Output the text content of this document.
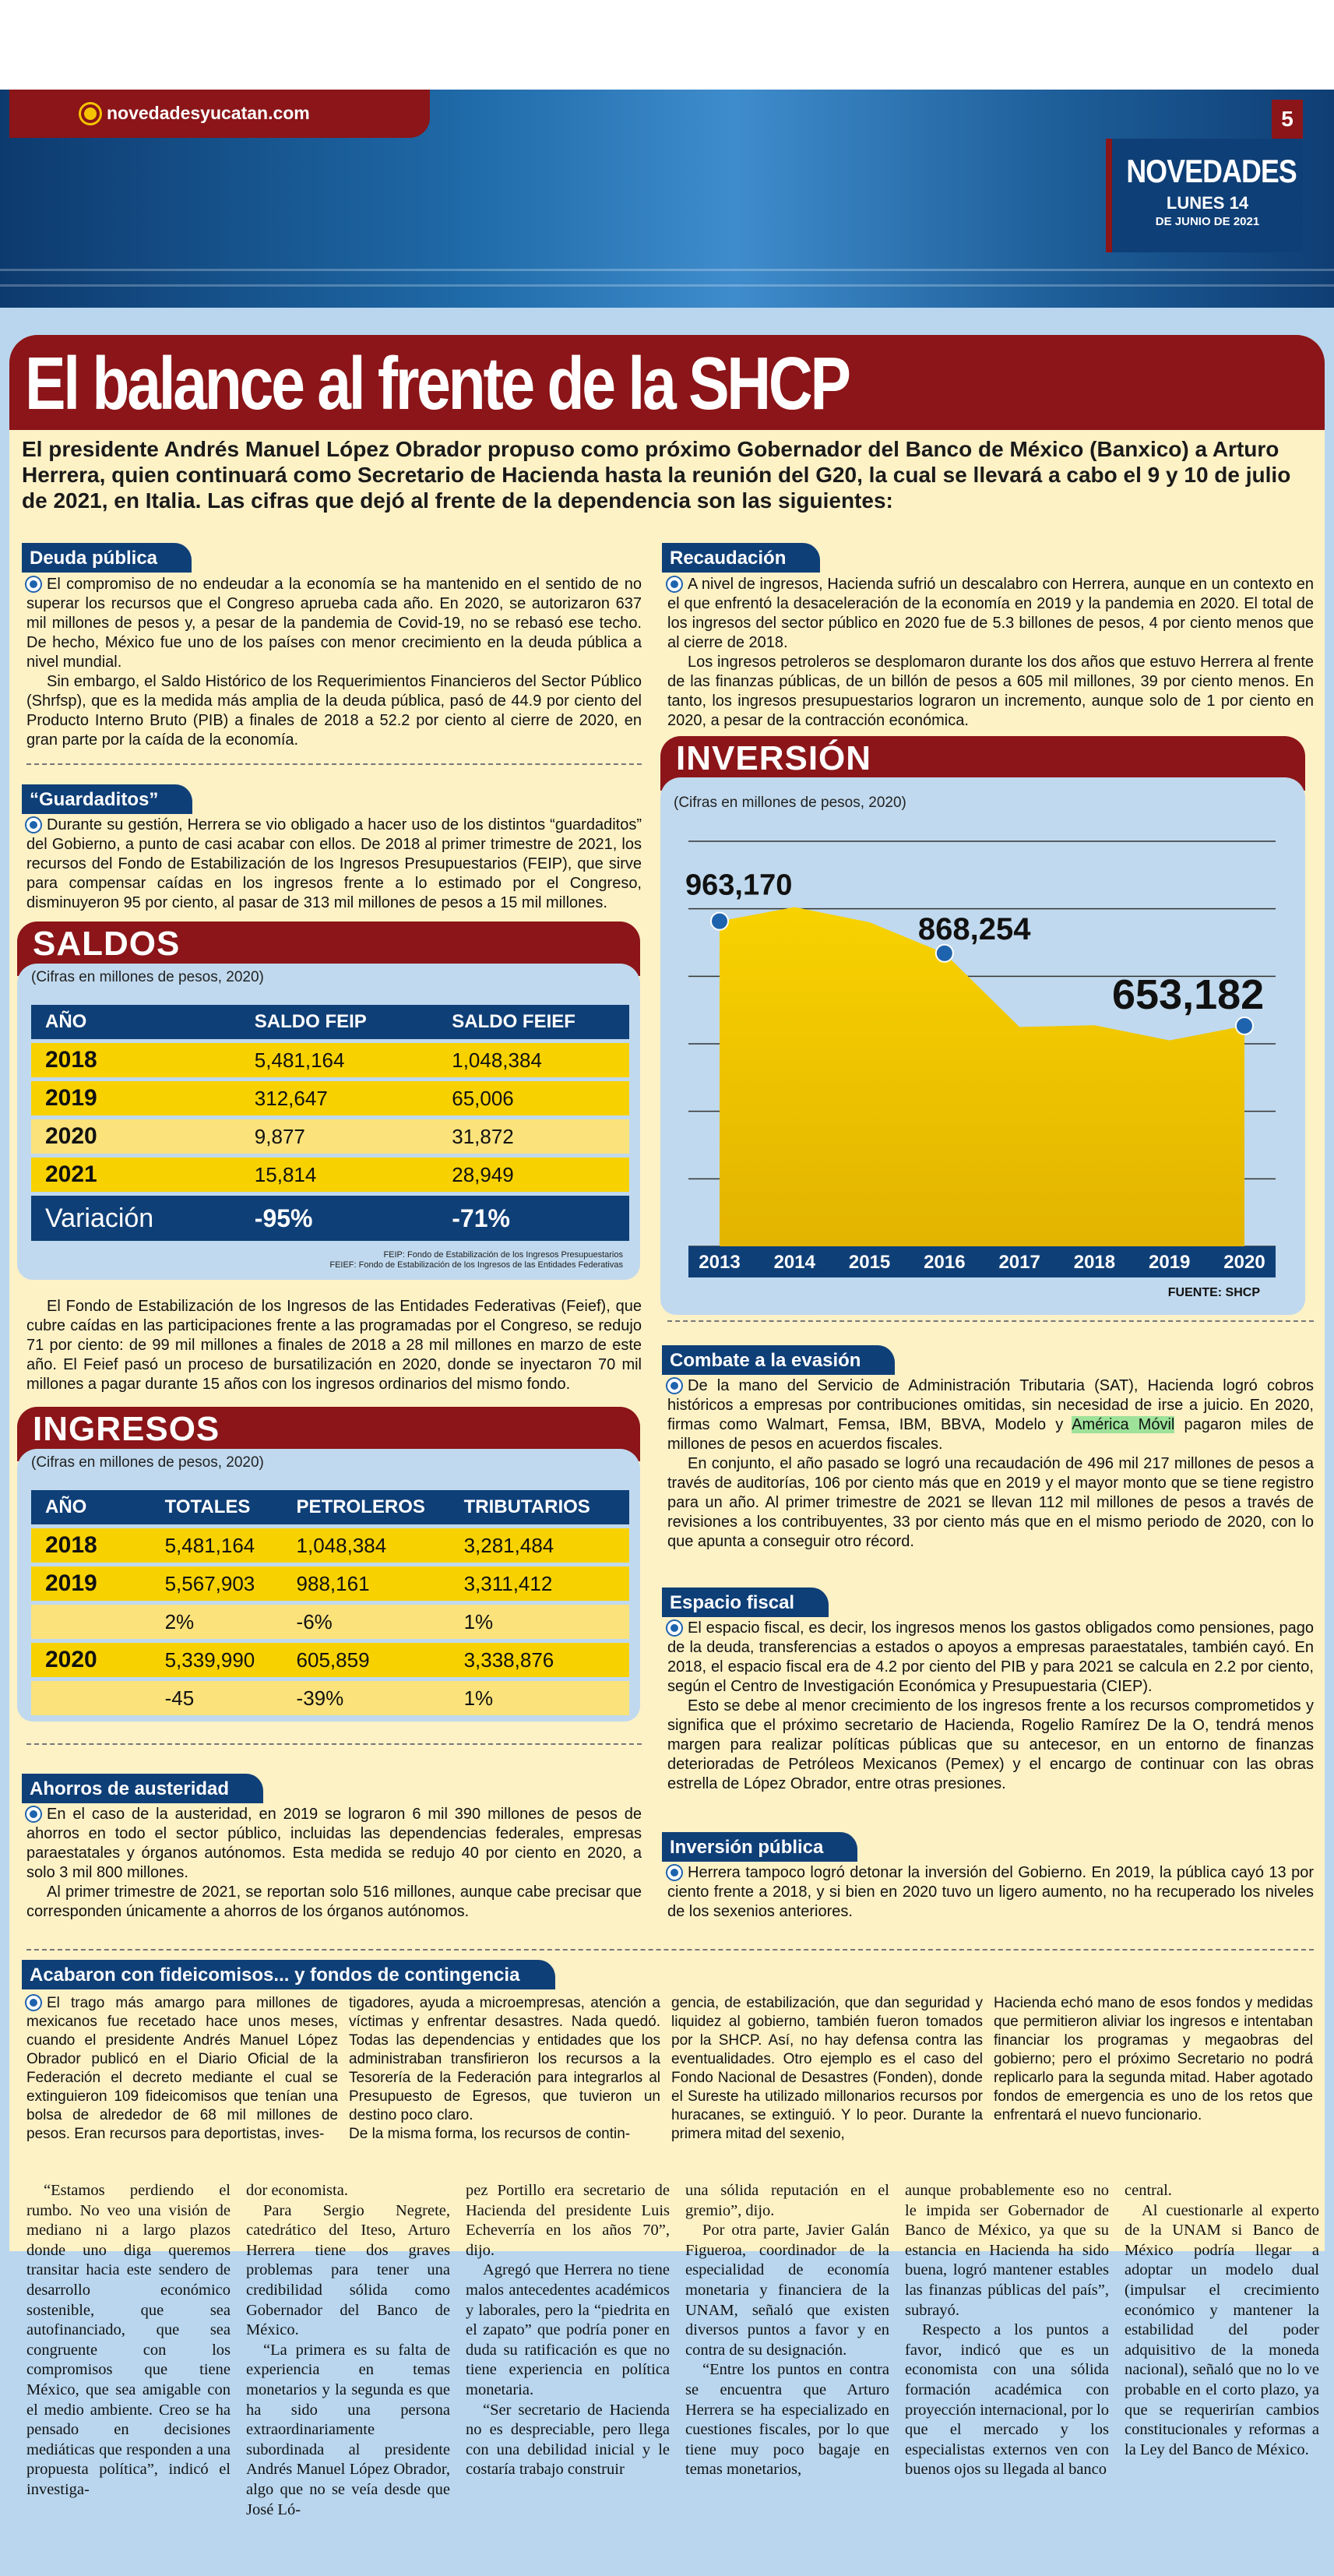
novedadesyucatan.com	5
NOVEDADES
LUNES 14
DE JUNIO DE 2021
El balance al frente de la SHCP
El presidente Andrés Manuel López Obrador propuso como próximo Gobernador del Banco de México (Banxico) a Arturo Herrera, quien continuará como Secretario de Hacienda hasta la reunión del G20, la cual se llevará a cabo el 9 y 10 de julio de 2021, en Italia. Las cifras que dejó al frente de la dependencia son las siguientes:
Deuda pública

El compromiso de no endeudar a la economía se ha mantenido en el sentido de no superar los recursos que el Congreso aprueba cada año. En 2020, se autorizaron 637 mil millones de pesos y, a pesar de la pandemia de Covid-19, no se rebasó ese techo. De hecho, México fue uno de los países con menor crecimiento en la deuda pública a nivel mundial.

Sin embargo, el Saldo Histórico de los Requerimientos Financieros del Sector Público (Shrfsp), que es la medida más amplia de la deuda pública, pasó de 44.9 por ciento del Producto Interno Bruto (PIB) a finales de 2018 a 52.2 por ciento al cierre de 2020, en gran parte por la caída de la economía.

“Guardaditos”

Durante su gestión, Herrera se vio obligado a hacer uso de los distintos “guardaditos” del Gobierno, a punto de casi acabar con ellos. De 2018 al primer trimestre de 2021, los recursos del Fondo de Estabilización de los Ingresos Presupuestarios (FEIP), que sirve para compensar caídas en los ingresos frente a lo estimado por el Congreso, disminuyeron 95 por ciento, al pasar de 313 mil millones de pesos a 15 mil millones.

SALDOS
(Cifras en millones de pesos, 2020)
AÑO	SALDO FEIP	SALDO FEIEF
2018	5,481,164	1,048,384
2019	312,647	65,006
2020	9,877	31,872
2021	15,814	28,949
Variación	-95%	-71%
FEIP: Fondo de Estabilización de los Ingresos Presupuestarios
FEIEF: Fondo de Estabilización de los Ingresos de las Entidades Federativas

El Fondo de Estabilización de los Ingresos de las Entidades Federativas (Feief), que cubre caídas en las participaciones frente a las programadas por el Congreso, se redujo 71 por ciento: de 99 mil millones a finales de 2018 a 28 mil millones en marzo de este año. El Feief pasó un proceso de bursatilización en 2020, donde se inyectaron 70 mil millones a pagar durante 15 años con los ingresos ordinarios del mismo fondo.

INGRESOS
(Cifras en millones de pesos, 2020)
AÑO	TOTALES	PETROLEROS	TRIBUTARIOS
2018	5,481,164	1,048,384	3,281,484
2019	5,567,903	988,161	3,311,412
	2%	-6%	1%
2020	5,339,990	605,859	3,338,876
	-45	-39%	1%
Ahorros de austeridad

En el caso de la austeridad, en 2019 se lograron 6 mil 390 millones de pesos de ahorros en todo el sector público, incluidas las dependencias federales, empresas paraestatales y órganos autónomos. Esta medida se redujo 40 por ciento en 2020, a solo 3 mil 800 millones.

Al primer trimestre de 2021, se reportan solo 516 millones, aunque cabe precisar que corresponden únicamente a ahorros de los órganos autónomos.

Recaudación

A nivel de ingresos, Hacienda sufrió un descalabro con Herrera, aunque en un contexto en el que enfrentó la desaceleración de la economía en 2019 y la pandemia en 2020. El total de los ingresos del sector público en 2020 fue de 5.3 billones de pesos, 4 por ciento menos que al cierre de 2018.

Los ingresos petroleros se desplomaron durante los dos años que estuvo Herrera al frente de las finanzas públicas, de un billón de pesos a 605 mil millones, 39 por ciento menos. En tanto, los ingresos presupuestarios lograron un incremento, aunque solo de 1 por ciento en 2020, a pesar de la contracción económica.

INVERSIÓN
(Cifras en millones de pesos, 2020)
2013 2014 2015 2016 2017 2018 2019 2020
963,170
868,254
653,182
FUENTE: SHCP
Combate a la evasión

De la mano del Servicio de Administración Tributaria (SAT), Hacienda logró cobros históricos a empresas por contribuciones omitidas, sin necesidad de irse a juicio. En 2020, firmas como Walmart, Femsa, IBM, BBVA, Modelo y América Móvil pagaron miles de millones de pesos en acuerdos fiscales.

En conjunto, el año pasado se logró una recaudación de 496 mil 217 millones de pesos a través de auditorías, 106 por ciento más que en 2019 y el mayor monto que se tiene registro para un año. Al primer trimestre de 2021 se llevan 112 mil millones de pesos a través de revisiones a los contribuyentes, 33 por ciento más que en el mismo periodo de 2020, con lo que apunta a conseguir otro récord.

Espacio fiscal

El espacio fiscal, es decir, los ingresos menos los gastos obligados como pensiones, pago de la deuda, transferencias a estados o apoyos a empresas paraestatales, también cayó. En 2018, el espacio fiscal era de 4.2 por ciento del PIB y para 2021 se calcula en 2.2 por ciento, según el Centro de Investigación Económica y Presupuestaria (CIEP).

Esto se debe al menor crecimiento de los ingresos frente a los recursos comprometidos y significa que el próximo secretario de Hacienda, Rogelio Ramírez De la O, tendrá menos margen para realizar políticas públicas que su antecesor, en un entorno de finanzas deterioradas de Petróleos Mexicanos (Pemex) y el encargo de continuar con las obras estrella de López Obrador, entre otras presiones.

Inversión pública

Herrera tampoco logró detonar la inversión del Gobierno. En 2019, la pública cayó 13 por ciento frente a 2018, y si bien en 2020 tuvo un ligero aumento, no ha recuperado los niveles de los sexenios anteriores.

Acabaron con fideicomisos... y fondos de contingencia

El trago más amargo para millones de mexicanos fue recetado hace unos meses, cuando el presidente Andrés Manuel López Obrador publicó en el Diario Oficial de la Federación el decreto mediante el cual se extinguieron 109 fideicomisos que tenían una bolsa de alrededor de 68 mil millones de pesos. Eran recursos para deportistas, inves-

tigadores, ayuda a microempresas, atención a víctimas y enfrentar desastres. Nada quedó. Todas las dependencias y entidades que los administraban transfirieron los recursos a la Tesorería de la Federación para integrarlos al Presupuesto de Egresos, que tuvieron un destino poco claro.

De la misma forma, los recursos de contin-

gencia, de estabilización, que dan seguridad y liquidez al gobierno, también fueron tomados por la SHCP. Así, no hay defensa contra las eventualidades. Otro ejemplo es el caso del Fondo Nacional de Desastres (Fonden), donde el Sureste ha utilizado millonarios recursos por huracanes, se extinguió. Y lo peor. Durante la primera mitad del sexenio,

Hacienda echó mano de esos fondos y medidas que permitieron aliviar los ingresos e intentaban financiar los programas y megaobras del gobierno; pero el próximo Secretario no podrá replicarlo para la segunda mitad. Haber agotado fondos de emergencia es uno de los retos que enfrentará el nuevo funcionario.

“Estamos perdiendo el rumbo. No veo una visión de mediano ni a largo plazos donde uno diga queremos transitar hacia este sendero de desarrollo económico sostenible, que sea autofinanciado, que sea congruente con los compromisos que tiene México, que sea amigable con el medio ambiente. Creo se ha pensado en decisiones mediáticas que responden a una propuesta política”, indicó el investiga-

dor economista.

Para Sergio Negrete, catedrático del Iteso, Arturo Herrera tiene dos graves problemas para tener una credibilidad sólida como Gobernador del Banco de México.

“La primera es su falta de experiencia en temas monetarios y la segunda es que ha sido una persona extraordinariamente subordinada al presidente Andrés Manuel López Obrador, algo que no se veía desde que José Ló-

pez Portillo era secretario de Hacienda del presidente Luis Echeverría en los años 70”, dijo.

Agregó que Herrera no tiene malos antecedentes académicos y laborales, pero la “piedrita en el zapato” que podría poner en duda su ratificación es que no tiene experiencia en política monetaria.

“Ser secretario de Hacienda no es despreciable, pero llega con una debilidad inicial y le costaría trabajo construir

una sólida reputación en el gremio”, dijo.

Por otra parte, Javier Galán Figueroa, coordinador de la especialidad de economía monetaria y financiera de la UNAM, señaló que existen diversos puntos a favor y en contra de su designación.

“Entre los puntos en contra se encuentra que Arturo Herrera se ha especializado en cuestiones fiscales, por lo que tiene muy poco bagaje en temas monetarios,

aunque probablemente eso no le impida ser Gobernador de Banco de México, ya que su estancia en Hacienda ha sido buena, logró mantener estables las finanzas públicas del país”, subrayó.

Respecto a los puntos a favor, indicó que es un economista con una sólida formación académica con proyección internacional, por lo que el mercado y los especialistas externos ven con buenos ojos su llegada al banco

central.

Al cuestionarle al experto de la UNAM si Banco de México podría llegar a adoptar un modelo dual (impulsar el crecimiento económico y mantener la estabilidad del poder adquisitivo de la moneda nacional), señaló que no lo ve probable en el corto plazo, ya que se requerirían cambios constitucionales y reformas a la Ley del Banco de México.
